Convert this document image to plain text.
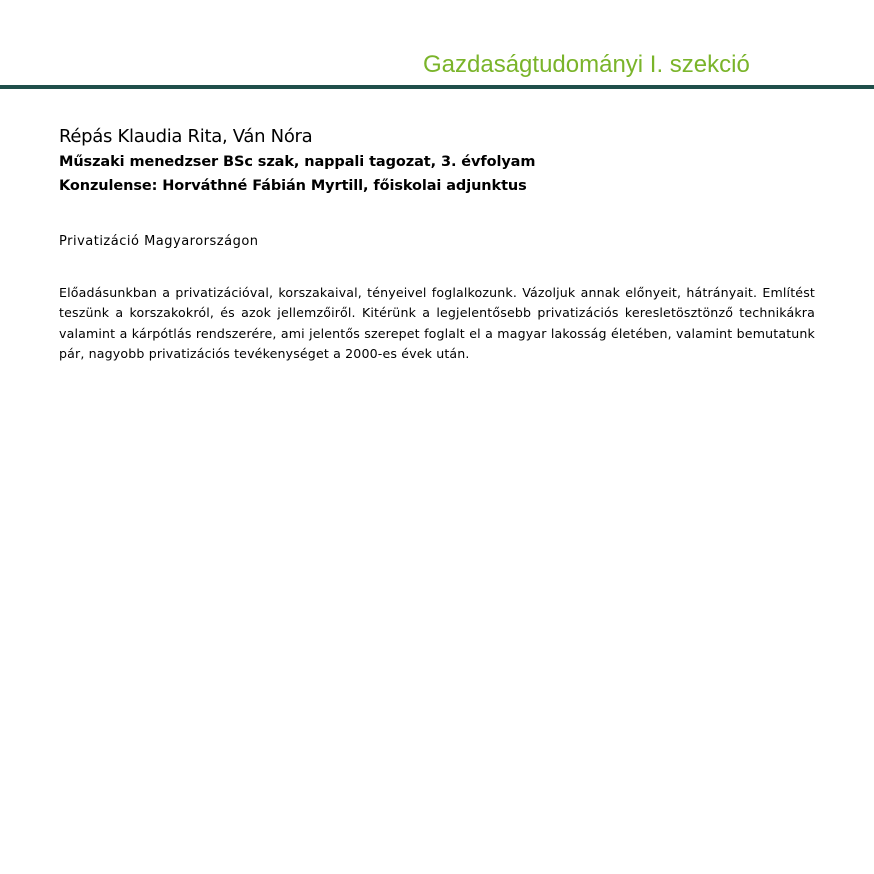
Gazdaságtudományi I. szekció

Répás Klaudia Rita, Ván Nóra

Műszaki menedzser BSc szak, nappali tagozat, 3. évfolyam

Konzulense: Horváthné Fábián Myrtill, főiskolai adjunktus

Privatizáció Magyarországon

Előadásunkban a privatizációval, korszakaival, tényeivel foglalkozunk. Vázoljuk annak előnyeit, hátrányait. Említést teszünk a korszakokról, és azok jellemzőiről. Kitérünk a legjelentősebb privatizációs keresletösztönző technikákra valamint a kárpótlás rendszerére, ami jelentős szerepet foglalt el a magyar lakosság életében, valamint bemutatunk pár, nagyobb privatizációs tevékenységet a 2000-es évek után.
